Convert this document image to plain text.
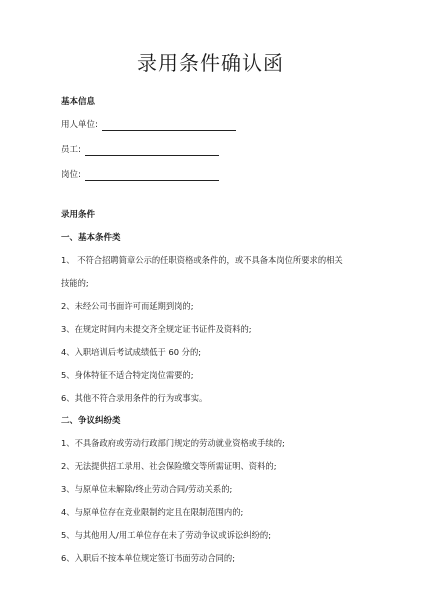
录用条件确认函
基本信息
用人单位:
员工:
岗位:
录用条件
一、基本条件类
1、 不符合招聘简章公示的任职资格或条件的，或不具备本岗位所要求的相关
技能的;
2、未经公司书面许可而延期到岗的;
3、在规定时间内未提交齐全规定证书证件及资料的;
4、入职培训后考试成绩低于 60 分的;
5、身体特征不适合特定岗位需要的;
6、其他不符合录用条件的行为或事实。
二、争议纠纷类
1、不具备政府或劳动行政部门规定的劳动就业资格或手续的;
2、无法提供招工录用、社会保险缴交等所需证明、资料的;
3、与原单位未解除/终止劳动合同/劳动关系的;
4、与原单位存在竞业限制约定且在限制范围内的;
5、与其他用人/用工单位存在未了劳动争议或诉讼纠纷的;
6、入职后不按本单位规定签订书面劳动合同的;
